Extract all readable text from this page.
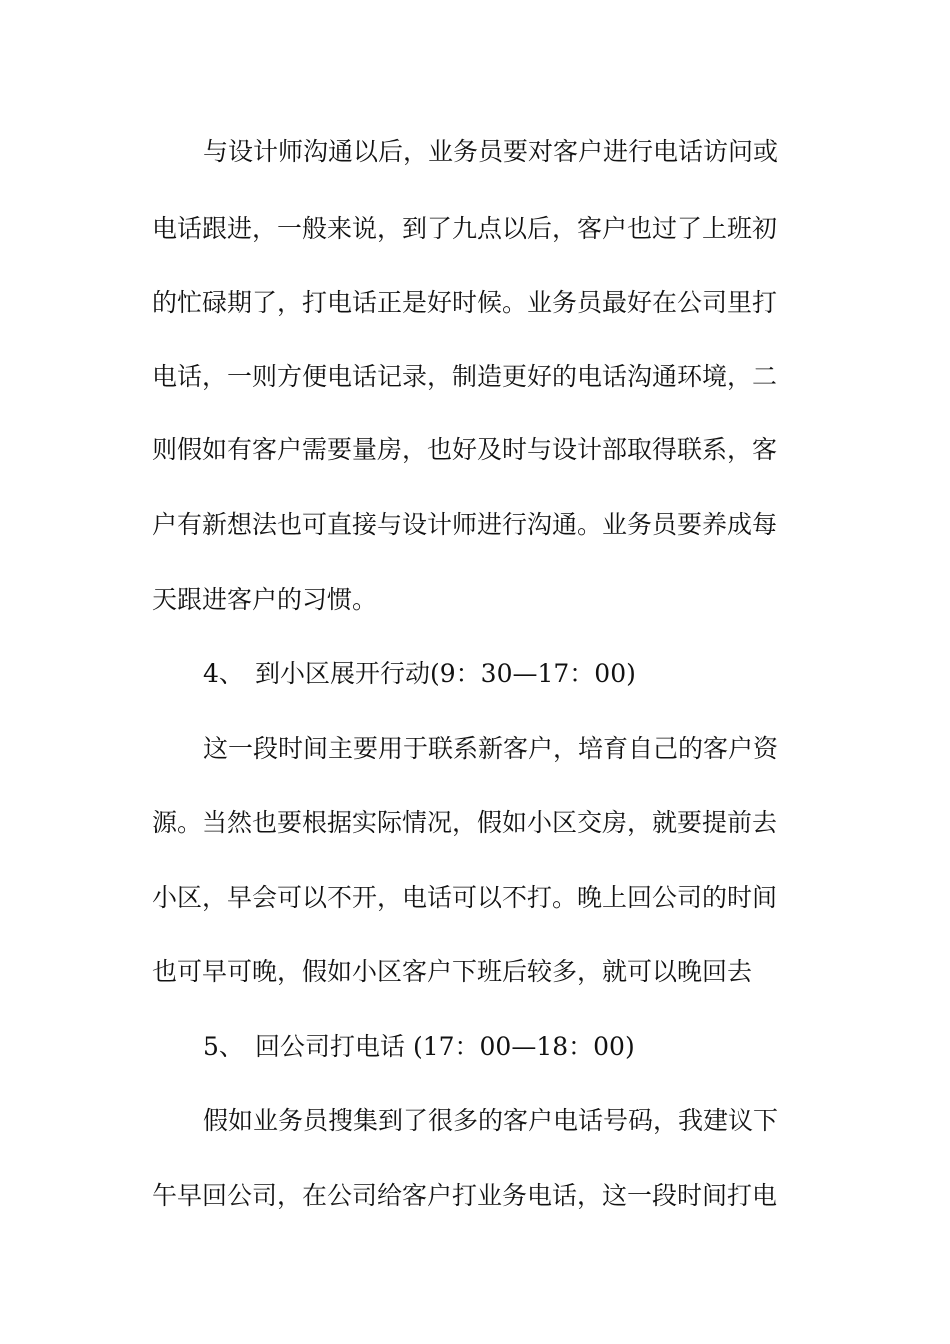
与设计师沟通以后，业务员要对客户进行电话访问或
电话跟进，一般来说，到了九点以后，客户也过了上班初
的忙碌期了，打电话正是好时候。业务员最好在公司里打
电话，一则方便电话记录，制造更好的电话沟通环境，二
则假如有客户需要量房，也好及时与设计部取得联系，客
户有新想法也可直接与设计师进行沟通。业务员要养成每
天跟进客户的习惯。
4、 到小区展开行动(9：30—17：00)
这一段时间主要用于联系新客户，培育自己的客户资
源。当然也要根据实际情况，假如小区交房，就要提前去
小区，早会可以不开，电话可以不打。晚上回公司的时间
也可早可晚，假如小区客户下班后较多，就可以晚回去
5、 回公司打电话 (17：00—18：00)
假如业务员搜集到了很多的客户电话号码，我建议下
午早回公司，在公司给客户打业务电话，这一段时间打电
